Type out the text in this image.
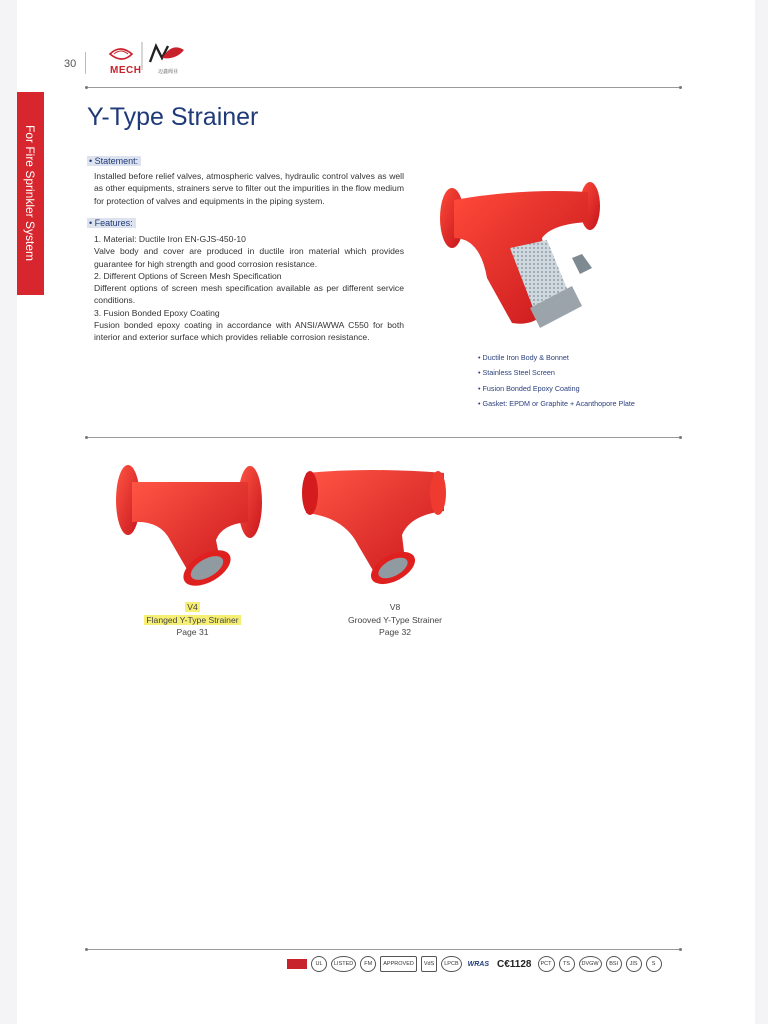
30
迈鑫阀业
MECH
For Fire Sprinkler System
Y-Type Strainer
• Statement:
Installed before relief valves, atmospheric valves, hydraulic control valves as well as other equipments, strainers serve to filter out the impurities in the flow medium for protection of valves and equipments in the piping system.
• Features:
1. Material: Ductile Iron EN-GJS-450-10
Valve body and cover are produced in ductile iron material which provides guarantee for high strength and good corrosion resistance.
2. Different Options of Screen Mesh Specification
Different options of screen mesh specification available as per different service conditions.
3. Fusion Bonded Epoxy Coating
Fusion bonded epoxy coating in accordance with ANSI/AWWA C550 for both interior and exterior surface which provides reliable corrosion resistance.
• Ductile Iron Body & Bonnet
• Stainless Steel Screen
• Fusion Bonded Epoxy Coating
• Gasket: EPDM or Graphite + Acanthopore Plate
V4
Flanged Y-Type Strainer
Page 31
V8
Grooved Y-Type Strainer
Page 32
UL	LISTED	FM	APPROVED	VdS	LPCB	WRAS C€1128	PCT	TS	DVGW	BSI	JIS	S
